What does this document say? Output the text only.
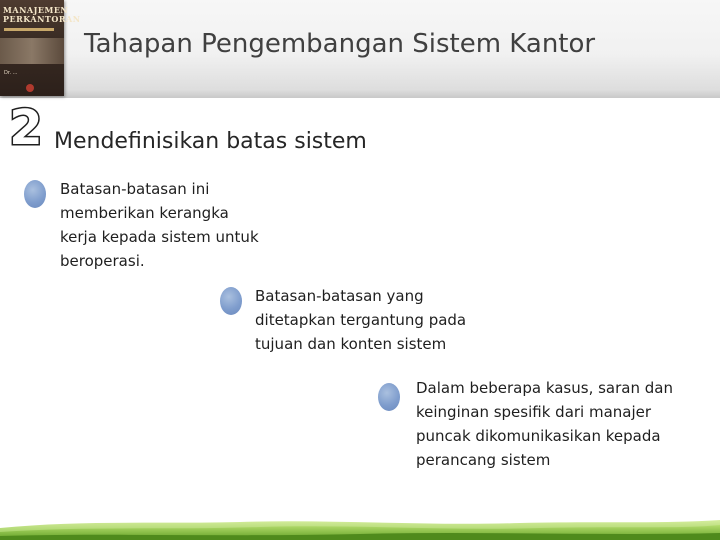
MANAJEMEN PERKANTORAN
Dr. ...
Tahapan Pengembangan Sistem Kantor
2 Mendefinisikan batas sistem
Batasan-batasan ini memberikan kerangka kerja kepada sistem untuk beroperasi.
Batasan-batasan yang ditetapkan tergantung pada tujuan dan konten sistem
Dalam beberapa kasus, saran dan keinginan spesifik dari manajer puncak dikomunikasikan kepada perancang sistem
